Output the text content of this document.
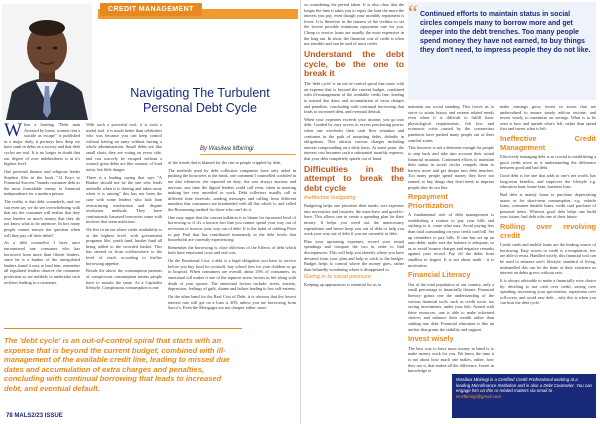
CREDIT MANAGEMENT
Navigating The Turbulent
Personal Debt Cycle
By Wasilwa Mbiringi

When a heading "Debt man Arrested by loans; women rent a suicide as escape" is published in a major daily, it portrays how deep we have sunk in debts as a society and that debt cycles are real. It is no longer in doubt that our degree of over indebtedness is at it's highest level.

One personal finance and religious leader Stephen Alio in the book "12 Keys to Financial Success" brands consumer debt as the most formidable enemy to financial independence for a modern person.

The reality is that debt scoundrels, and we can even say we do see overwhelming with that say the consumer will realize that they owe lenders so much money that they do not know what to do anymore. In fact many people cannot answer the question when will they pay off their debts?

As a debt counsellor I have once encountered one consumer who has borrowed from more than fifteen lenders, since he is a banker of the unregulated lenders found it easy to lend him, remember all regulated lenders observe the consumer protection so are unlikely to undertake such reckless lending to a customer.

With such a powerful tool, it is such a useful tool, it is much better than celebrities who was because you can keep control without having an army without having a whole administration. Small debts are like small shots; they are voting on every side, and can scarcely be escaped without a wound; great debts are like cannon; of loud noise, but little danger.

There is a leading saying that says "A Banker should not be the one who lends umbrella when it is shining and takes away when it is raining" this has not been the case with some lenders who lack loan restructuring mechanism and dispute resolution methods. They have continuously harassed borrowers some with motives that seem malicious.

We live in an era where credit availability is at the highest level, with government programs like, youth fund, hustler fund all being added to the crowded basket. This has steered us from cold/nowhere to the level of reach according to his/her borrowing appetite.

Beside the above the consumption patterns of conspicuous consumption means people have to sustain the same. As a Capitalist lifestyle, Conspicuous consumption is one

of the trends that is blamed for the rise in people crippled by debt.

The methods used by debt collection companies have only aided in pushing the borrowers to the brink, one comment I counselled confided in me that whenever she reported on duty, she was always anxious and nervous, any time the digital lenders could call even, when in meeting making her very unsettled to work. Debt collectors usually call at different time intervals, sending messages and calling from different numbers that consumers are bombarded with all this which is, and called the Boomerang method for those who can't do it.

One may argue that the current inflation is to blame for increased level of borrowing or if it's a known fact that you cannot spend your way out of recession or borrow your way out of debt. It is the habit of robbing Peter to pay Paul that has contributed immensely to the debt levels that households are currently experiencing.

Remember the borrowing is close oblivious of the Effects of debt which both have emotional costs and real cost.

On the Emotional Cost, a debt is a legal obligation you have to service before you buy food for yourself, buy school fees for your children or go to hospital. When consumers are overall, about 20% of consumers, its emotional toll makes it one of the topmost stress factors in life along with death of your spouse. The emotional factors include: stress, anxiety, depression, feelings of guilt, shame and failure leading to low self-esteem.

On the other hand for the Real Cost of Debt, it is obvious that the lowest interest rate will get on a loan is 20% unless you are borrowing from Sacco's. Even the Mortgages are not cheaper either, more

The 'debt cycle' is an out-of-control spiral that starts with an expense that is beyond the current budget, combined with ill-management of the available credit line, leading to missed due dates and accumulation of extra charges and penalties, concluding with continual borrowing that leads to increased debt, and eventual default.
78 MALS2/23 ISSUE

so considering the period taken. It is also clear that the longer the time it takes you to repay the loan the more the interest you pay, even though your monthly repayment is lower. It is therefore in the interest of the creditor to set the lowest possible minimum repayment rate for you. Cheap to service loans are usually the most expensive in the long run. In short, the financial cost of credit is often not sensible and can be said of most credit.

Understand the debt cycle, be the one to break it

The 'debt cycle' is an out-of-control spiral that starts with an expense that is beyond the current budget, combined with ill-management of the available credit line, leading to missed due dates and accumulation of extra charges and penalties, concluding with continual borrowing that leads to increased debt, and eventual default.

When your expenses exceeds your income, you go into debt. Goaded by easy access to excess purchasing power, when one overlooks their cash flow situation and continues in the path of mounting debts, defaults in obligations. This attracts various charges including interest compounding on a daily basis. At some point, the interest cost becomes such a substantial monthly expense, that your debt completely spirals out of hand.

Difficulties in the attempt to break the debt cycle
Ineffective budgeting

Budgeting helps one prioritize their needs, sort expenses into necessities and luxuries, the must-have and good-to-have. This allows one to create a spending plan for their money. It helps you weed out the unnecessary expenditure and hence keep you out of debt or help you work your way out of debt if you are currently in debt.

Plan your upcoming expenses, record your actual spendings and compare the two in order to find discrepancies. This will help you identify where you have deviated from your plan and help to stick to the budget. Budget helps to control where the money goes, rather than belatedly wondering where it disappeared to.

Giving in to social pressure

Keeping up appearances is essential for us to

“ Continued efforts to maintain status in social circles compels many to borrow more and get deeper into the debt trenches. Too many people spend money they have not earned, to buy things they don't need, to impress people they do not like.

maintain our social standing. This forces us to strive to attain luxury and esteem related needs even when it is difficult to fulfill basic physiological requirements. Job loss and economic crisis caused by the coronavirus pandemic have pushed many people out of their comfort zones.

This however is not a deterrent enough for people to step back and take into account their actual financial situation. Continued efforts to maintain their status in social circles compels them to borrow more and get deeper into debt trenches. Too many people spend money they have not earned, to buy things they don't need, to impress people they do not like.

Repayment Prioritization

A fundamental rule of debt management is establishing a routine to pay your bills and sticking to it, come what may. Avoid paying less than total outstanding on your credit card bill. Set up reminders to pay bills. If one has set up an auto-debit, make sure the balance is adequate, so as to avoid bounce charges and negative remarks against your record. Pay off the debts from smallest to largest. It is not about math - it is motivation.

Financial Literacy

Out of the total population of our country, only a small percentage is financially literate. Financial literacy grants one the understanding of the various financial tools, such as credit score, tax saving investments, under your belt. Armed with these resources, one is able to make informed choices and enhance their wealth rather than sinking into debt. Financial education is like an anchor that grants the stability and support.

Invest wisely

The best way to have more money in hand is to make money work for you. We know the time it is not about how much one makes, rather, how they use it, that makes all the difference. Invest in knowledge to

make earnings grow, invest in assets that are undervalued to ensure steady add-on income, and invest wisely to maximize on savings. What is to be seen is how and spends what's left, rather than spend first and invest what is left.

Ineffective Credit Management

Effectively managing debt is as crucial to establishing a good credit score as is understanding the difference between good and bad debt.

Good debt is the one that adds to one's net worth, has long-term benefits, and improves the lifestyle e.g. education loan, home loan, business loan.

Bad debt is mainly loans to purchase depreciating assets or for short-term consumption, e.g. vehicle loans, consumer durable loans, credit card purchase of personal items. Whereas good debt helps one build your future, bad debt robs one of their future.

Rolling over revolving credit

Credit cards and mobile loans are the leading source of borrowing. Easy access to credit is a temptation, few are able to resist. Handled wisely, this financial tool can be used to enhance one's lifestyle, standard of living, mishandled this can be the bane of their existence as interest on debts grows without rein.

It is always advisable to make a financially wise choice by: deciding to use cash over credit, saving over spending, increasing your speculation, repayment over roll-overs, and avoid new debt... only this is when you can beat the debt cycle.

Wasilwa Mbiringi is a Certified Credit Professional working at a leading Microfinance Institution and is also a Debt Counselor. You can engage him on this or related matters via email to W.Mbiringi@gmail.com
